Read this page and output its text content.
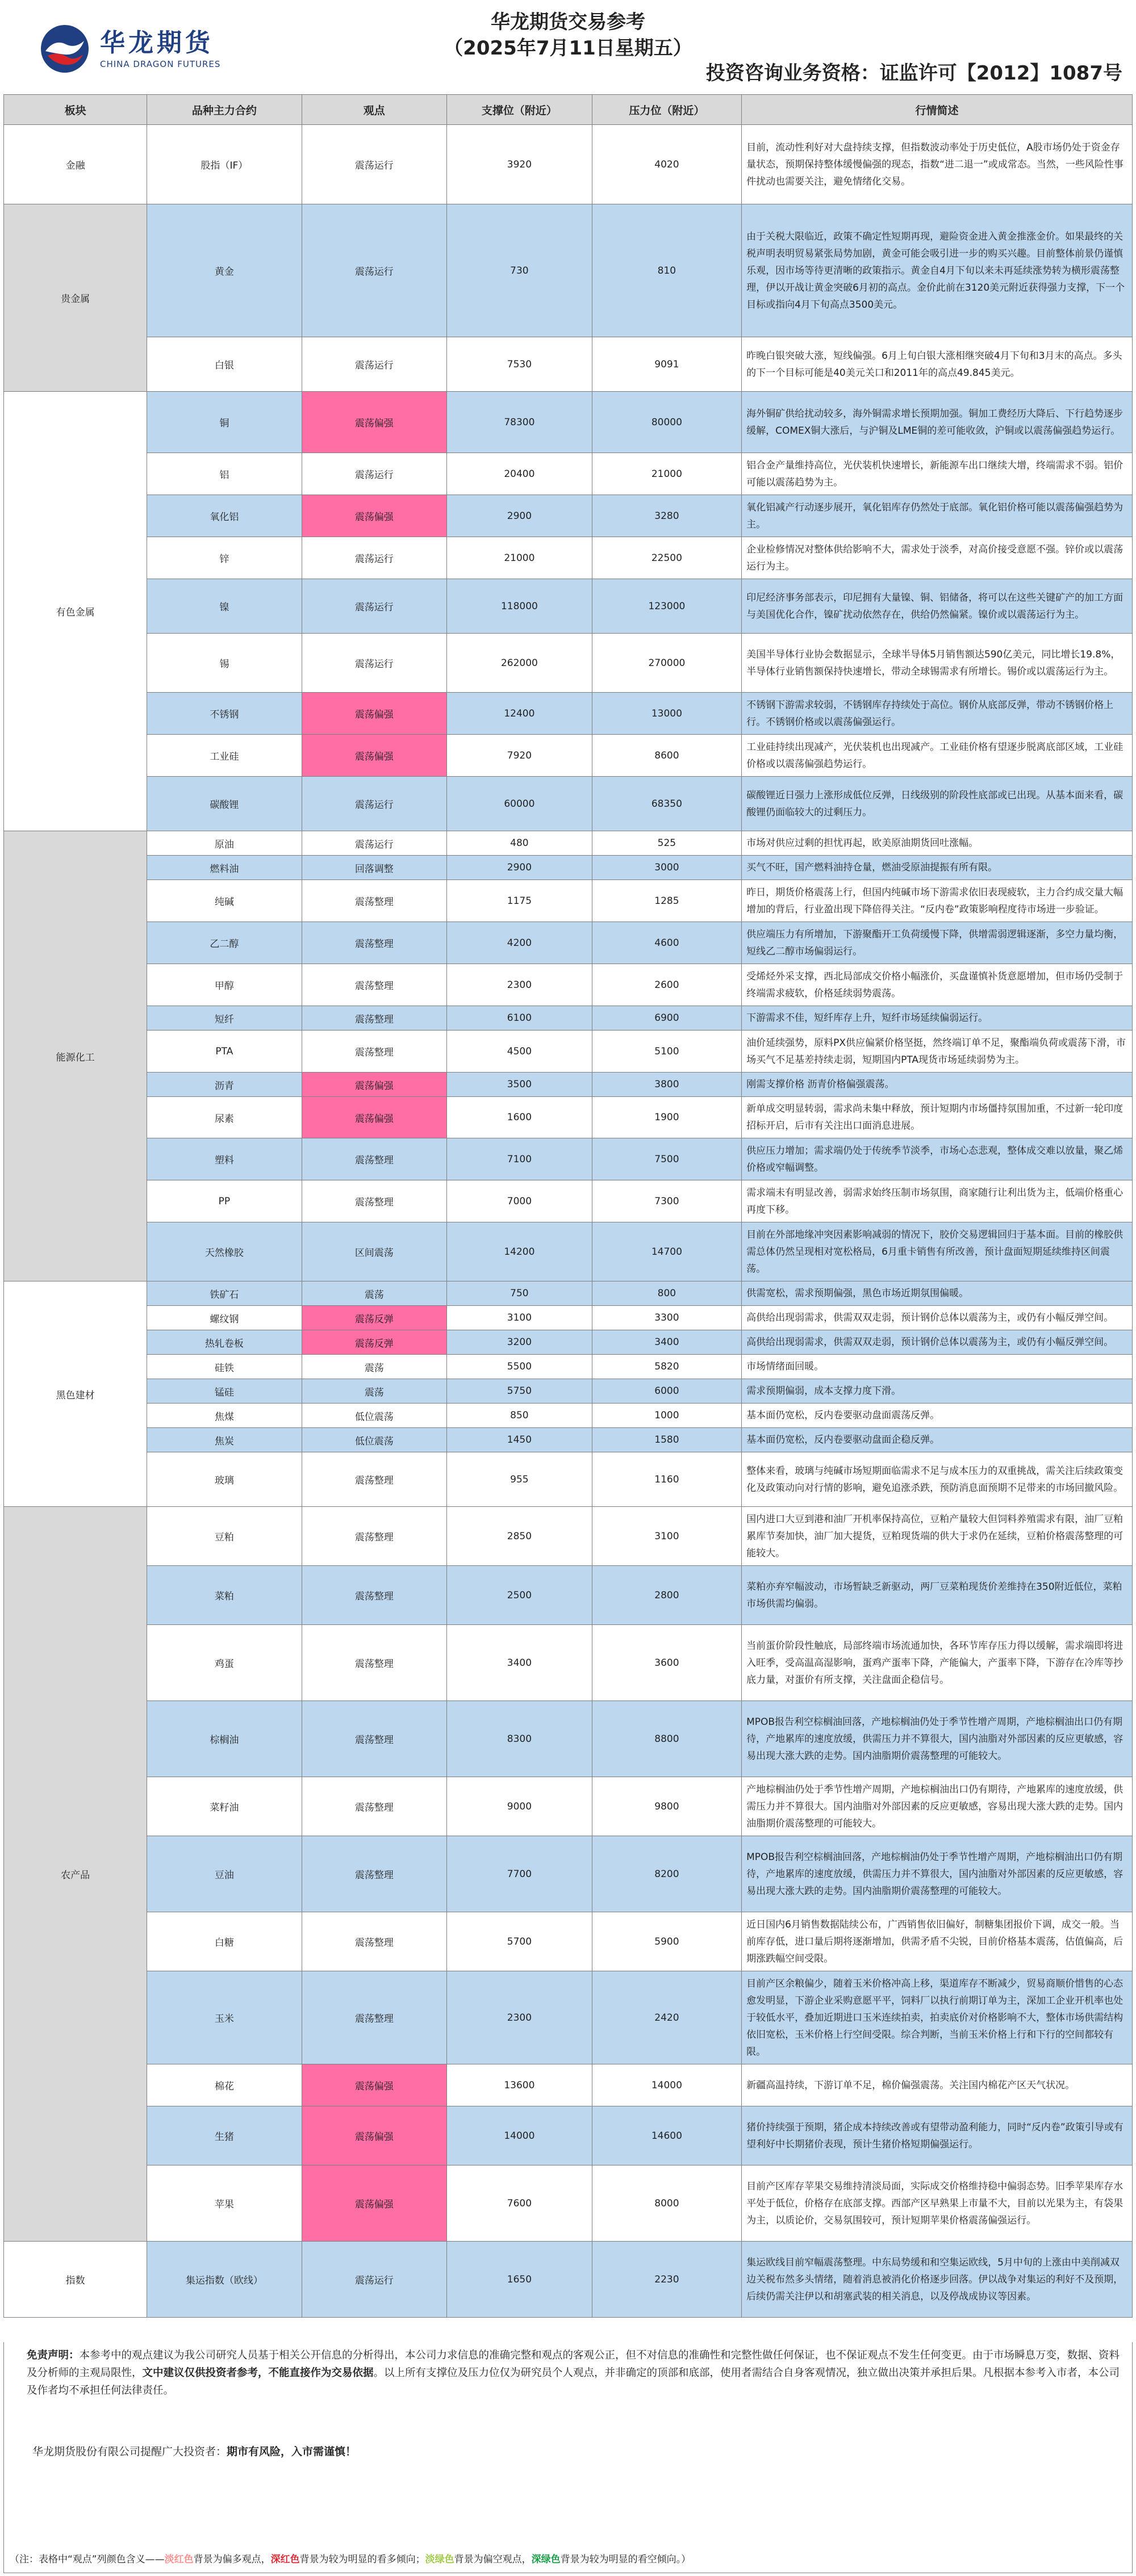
华龙期货
CHINA DRAGON FUTURES
华龙期货交易参考
（2025年7月11日星期五）
投资咨询业务资格：证监许可【2012】1087号
板块	品种主力合约	观点	支撑位（附近）	压力位（附近）	行情简述
金融	股指（IF）	震荡运行	3920	4020	目前，流动性利好对大盘持续支撑，但指数波动率处于历史低位，A股市场仍处于资金存量状态，预期保持整体缓慢偏强的现态，指数“进二退一”或成常态。当然，一些风险性事件扰动也需要关注，避免情绪化交易。
贵金属	黄金	震荡运行	730	810	由于关税大限临近，政策不确定性短期再现，避险资金进入黄金推涨金价。如果最终的关税声明表明贸易紧张局势加剧，黄金可能会吸引进一步的购买兴趣。目前整体前景仍谨慎乐观，因市场等待更清晰的政策指示。黄金自4月下旬以来未再延续涨势转为横形震荡整理，伊以开战让黄金突破6月初的高点。金价此前在3120美元附近获得强力支撑，下一个目标或指向4月下旬高点3500美元。
	白银	震荡运行	7530	9091	昨晚白银突破大涨，短线偏强。6月上旬白银大涨相继突破4月下旬和3月末的高点。多头的下一个目标可能是40美元关口和2011年的高点49.845美元。
有色金属	铜	震荡偏强	78300	80000	海外铜矿供给扰动较多，海外铜需求增长预期加强。铜加工费经历大降后、下行趋势逐步缓解，COMEX铜大涨后，与沪铜及LME铜的差可能收敛，沪铜或以震荡偏强趋势运行。
	铝	震荡运行	20400	21000	铝合金产量维持高位，光伏装机快速增长，新能源车出口继续大增，终端需求不弱。铝价可能以震荡趋势为主。
	氧化铝	震荡偏强	2900	3280	氧化铝减产行动逐步展开，氧化铝库存仍然处于底部。氧化铝价格可能以震荡偏强趋势为主。
	锌	震荡运行	21000	22500	企业检修情况对整体供给影响不大，需求处于淡季，对高价接受意愿不强。锌价或以震荡运行为主。
	镍	震荡运行	118000	123000	印尼经济事务部表示，印尼拥有大量镍、铜、铝储备，将可以在这些关键矿产的加工方面与美国优化合作，镍矿扰动依然存在，供给仍然偏紧。镍价或以震荡运行为主。
	锡	震荡运行	262000	270000	美国半导体行业协会数据显示，全球半导体5月销售额达590亿美元，同比增长19.8%，半导体行业销售额保持快速增长，带动全球锡需求有所增长。锡价或以震荡运行为主。
	不锈钢	震荡偏强	12400	13000	不锈钢下游需求较弱，不锈钢库存持续处于高位。钢价从底部反弹，带动不锈钢价格上行。不锈钢价格或以震荡偏强运行。
	工业硅	震荡偏强	7920	8600	工业硅持续出现减产，光伏装机也出现减产。工业硅价格有望逐步脱离底部区域，工业硅价格或以震荡偏强趋势运行。
	碳酸锂	震荡运行	60000	68350	碳酸锂近日强力上涨形成低位反弹，日线级别的阶段性底部或已出现。从基本面来看，碳酸锂仍面临较大的过剩压力。
能源化工	原油	震荡运行	480	525	市场对供应过剩的担忧再起，欧美原油期货回吐涨幅。
	燃料油	回落调整	2900	3000	买气不旺，国产燃料油持仓量，燃油受原油提振有所有限。
	纯碱	震荡整理	1175	1285	昨日，期货价格震荡上行，但国内纯碱市场下游需求依旧表现疲软，主力合约成交量大幅增加的背后，行业盈出现下降倍得关注。“反内卷”政策影响程度待市场进一步验证。
	乙二醇	震荡整理	4200	4600	供应端压力有所增加，下游聚酯开工负荷缓慢下降，供增需弱逻辑逐渐，多空力量均衡，短线乙二醇市场偏弱运行。
	甲醇	震荡整理	2300	2600	受烯烃外采支撑，西北局部成交价格小幅涨价，买盘谨慎补货意愿增加，但市场仍受制于终端需求疲软，价格延续弱势震荡。
	短纤	震荡整理	6100	6900	下游需求不佳，短纤库存上升，短纤市场延续偏弱运行。
	PTA	震荡整理	4500	5100	油价延续强势，原料PX供应偏紧价格坚挺，然终端订单不足，聚酯端负荷或震荡下滑，市场买气不足基差持续走弱，短期国内PTA现货市场延续弱势为主。
	沥青	震荡偏强	3500	3800	刚需支撑价格 沥青价格偏强震荡。
	尿素	震荡偏强	1600	1900	新单成交明显转弱，需求尚未集中释放，预计短期内市场僵持氛围加重，不过新一轮印度招标开启，后市有关注出口面消息进展。
	塑料	震荡整理	7100	7500	供应压力增加；需求端仍处于传统季节淡季，市场心态悲观，整体成交难以放量，聚乙烯价格或窄幅调整。
	PP	震荡整理	7000	7300	需求端未有明显改善，弱需求始终压制市场氛围，商家随行让利出货为主，低端价格重心再度下移。
	天然橡胶	区间震荡	14200	14700	目前在外部地缘冲突因素影响减弱的情况下，胶价交易逻辑回归于基本面。目前的橡胶供需总体仍然呈现相对宽松格局，6月重卡销售有所改善，预计盘面短期延续维持区间震荡。
黑色建材	铁矿石	震荡	750	800	供需宽松，需求预期偏强，黑色市场近期氛围偏暖。
	螺纹钢	震荡反弹	3100	3300	高供给出现弱需求，供需双双走弱，预计钢价总体以震荡为主，或仍有小幅反弹空间。
	热轧卷板	震荡反弹	3200	3400	高供给出现弱需求，供需双双走弱，预计钢价总体以震荡为主，或仍有小幅反弹空间。
	硅铁	震荡	5500	5820	市场情绪面回暖。
	锰硅	震荡	5750	6000	需求预期偏弱，成本支撑力度下滑。
	焦煤	低位震荡	850	1000	基本面仍宽松，反内卷要驱动盘面震荡反弹。
	焦炭	低位震荡	1450	1580	基本面仍宽松，反内卷要驱动盘面企稳反弹。
	玻璃	震荡整理	955	1160	整体来看，玻璃与纯碱市场短期面临需求不足与成本压力的双重挑战，需关注后续政策变化及政策动向对行情的影响，避免追涨杀跌，预防消息面预期不足带来的市场回撤风险。
农产品	豆粕	震荡整理	2850	3100	国内进口大豆到港和油厂开机率保持高位，豆粕产量较大但饲料养殖需求有限，油厂豆粕累库节奏加快，油厂加大提货，豆粕现货端的供大于求仍在延续，豆粕价格震荡整理的可能较大。
	菜粕	震荡整理	2500	2800	菜粕亦弃窄幅波动，市场暂缺乏新驱动，两厂豆菜粕现货价差维持在350附近低位，菜粕市场供需均偏弱。
	鸡蛋	震荡整理	3400	3600	当前蛋价阶段性触底，局部终端市场流通加快，各环节库存压力得以缓解，需求端即将进入旺季，受高温高湿影响，蛋鸡产蛋率下降，产能偏大，产蛋率下降，下游存在冷库等抄底力量，对蛋价有所支撑，关注盘面企稳信号。
	棕榈油	震荡整理	8300	8800	MPOB报告利空棕榈油回落，产地棕榈油仍处于季节性增产周期，产地棕榈油出口仍有期待，产地累库的速度放缓，供需压力并不算很大，国内油脂对外部因素的反应更敏感，容易出现大涨大跌的走势。国内油脂期价震荡整理的可能较大。
	菜籽油	震荡整理	9000	9800	产地棕榈油仍处于季节性增产周期，产地棕榈油出口仍有期待，产地累库的速度放缓，供需压力并不算很大。国内油脂对外部因素的反应更敏感，容易出现大涨大跌的走势。国内油脂期价震荡整理的可能较大。
	豆油	震荡整理	7700	8200	MPOB报告利空棕榈油回落，产地棕榈油仍处于季节性增产周期，产地棕榈油出口仍有期待，产地累库的速度放缓，供需压力并不算很大，国内油脂对外部因素的反应更敏感，容易出现大涨大跌的走势。国内油脂期价震荡整理的可能较大。
	白糖	震荡整理	5700	5900	近日国内6月销售数据陆续公布，广西销售依旧偏好，制糖集团报价下调，成交一般。当前库存低，进口量后期将逐渐增加，供需矛盾不尖锐，目前价格基本震荡，估值偏高，后期涨跌幅空间受限。
	玉米	震荡整理	2300	2420	目前产区余粮偏少，随着玉米价格冲高上移，渠道库存不断减少，贸易商顺价惜售的心态愈发明显，下游企业采购意愿平平，饲料厂以执行前期订单为主，深加工企业开机率也处于较低水平，叠加近期进口玉米连续拍卖，拍卖底价对价格影响不大，整体市场供需结构依旧宽松，玉米价格上行空间受限。综合判断，当前玉米价格上行和下行的空间都较有限。
	棉花	震荡偏强	13600	14000	新疆高温持续，下游订单不足，棉价偏强震荡。关注国内棉花产区天气状况。
	生猪	震荡偏强	14000	14600	猪价持续强于预期，猪企成本持续改善或有望带动盈利能力，同时“反内卷”政策引导或有望利好中长期猪价表现，预计生猪价格短期偏强运行。
	苹果	震荡偏强	7600	8000	目前产区库存苹果交易维持清淡局面，实际成交价格维持稳中偏弱态势。旧季苹果库存水平处于低位，价格存在底部支撑。西部产区早熟果上市量不大，目前以光果为主，有袋果为主，以质论价，交易氛围较可，预计短期苹果价格震荡偏强运行。
指数	集运指数（欧线）	震荡运行	1650	2230	集运欧线目前窄幅震荡整理。中东局势缓和和空集运欧线，5月中旬的上涨由中美削减双边关税布然多头情绪，随着消息被消化价格逐步回落。伊以战争对集运的利好不及预期，后续仍需关注伊以和胡塞武装的相关消息，以及停战成协议等因素。
免责声明：本参考中的观点建议为我公司研究人员基于相关公开信息的分析得出，本公司力求信息的准确完整和观点的客观公正，但不对信息的准确性和完整性做任何保证，也不保证观点不发生任何变更。由于市场瞬息万变，数据、资料及分析师的主观局限性，文中建议仅供投资者参考，不能直接作为交易依据。以上所有支撑位及压力位仅为研究员个人观点，并非确定的顶部和底部，使用者需结合自身客观情况，独立做出决策并承担后果。凡根据本参考入市者，本公司及作者均不承担任何法律责任。
华龙期货股份有限公司提醒广大投资者：期市有风险，入市需谨慎！
（注：表格中“观点”列颜色含义——淡红色背景为偏多观点，深红色背景为较为明显的看多倾向；淡绿色背景为偏空观点，深绿色背景为较为明显的看空倾向。）
